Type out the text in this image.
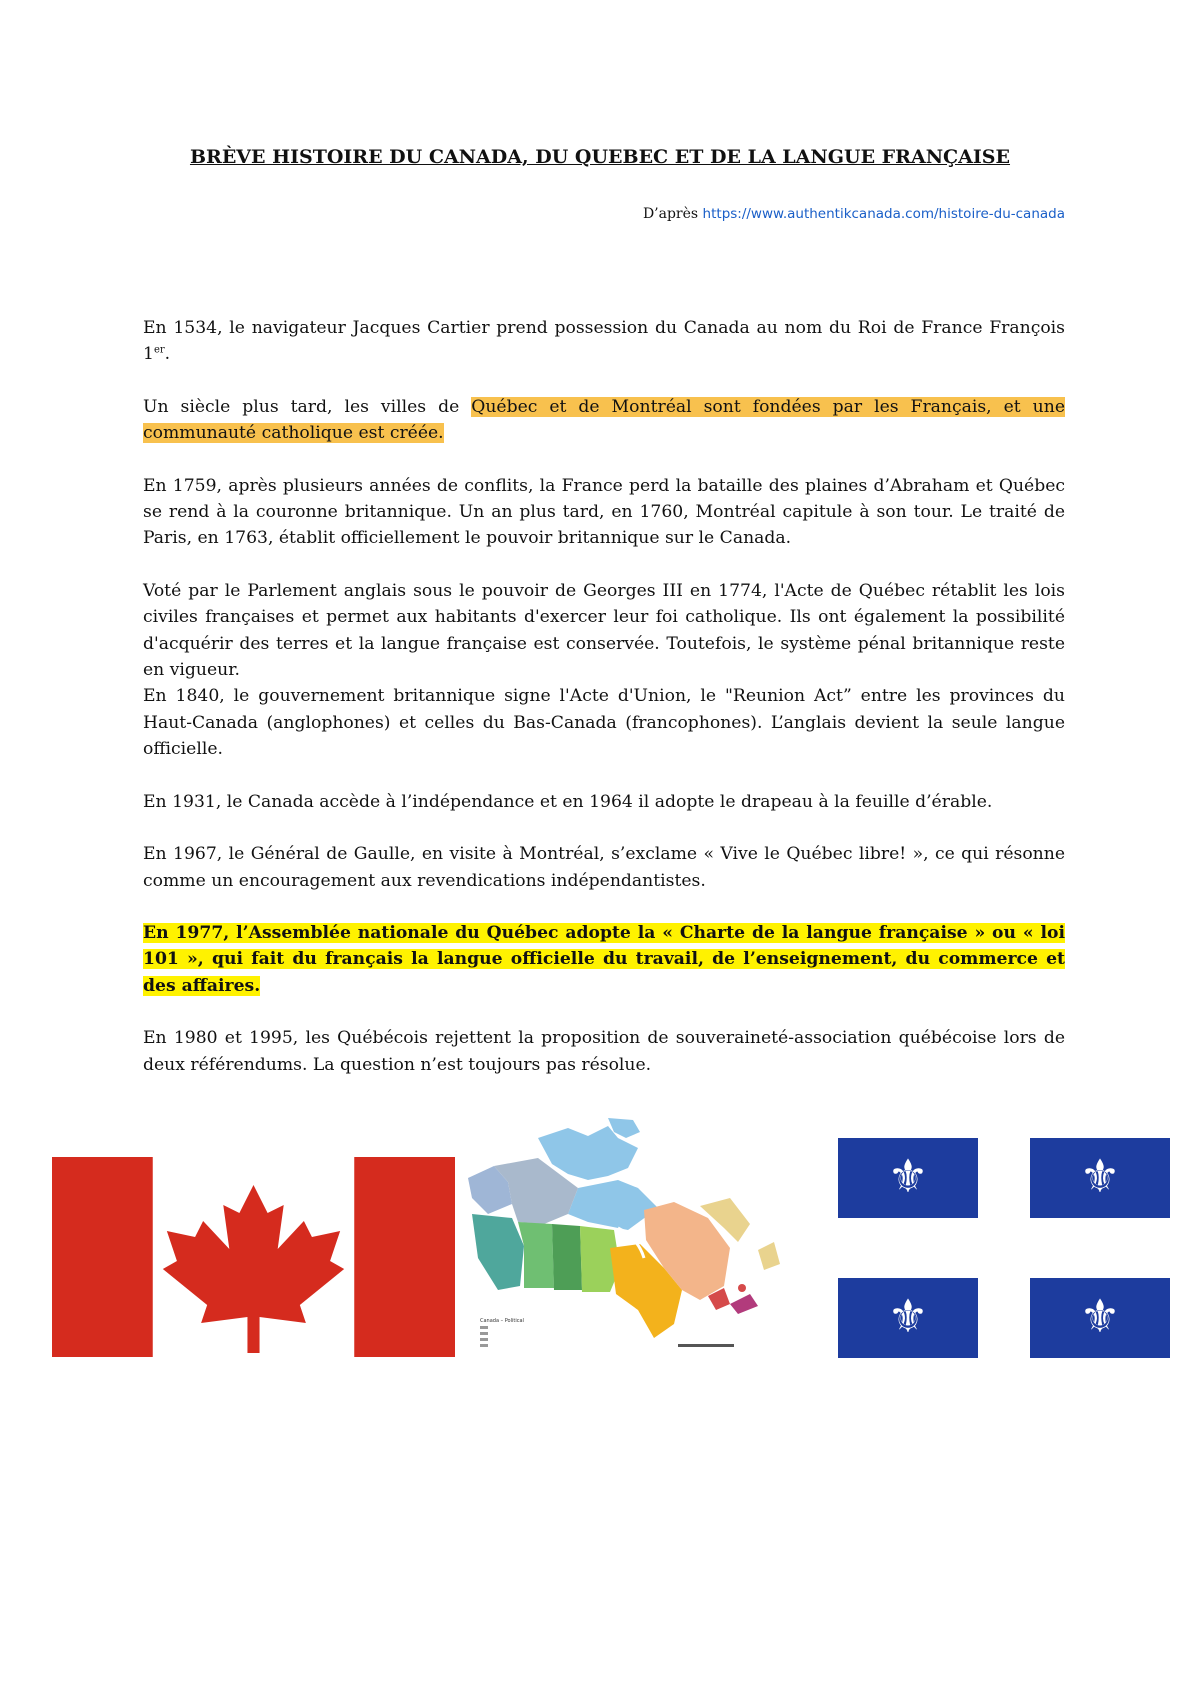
BRÈVE HISTOIRE DU CANADA, DU QUEBEC ET DE LA LANGUE FRANÇAISE
D’après https://www.authentikcanada.com/histoire-du-canada

En 1534, le navigateur Jacques Cartier prend possession du Canada au nom du Roi de France François 1er.

Un siècle plus tard, les villes de Québec et de Montréal sont fondées par les Français, et une communauté catholique est créée.

En 1759, après plusieurs années de conflits, la France perd la bataille des plaines d’Abraham et Québec se rend à la couronne britannique. Un an plus tard, en 1760, Montréal capitule à son tour. Le traité de Paris, en 1763, établit officiellement le pouvoir britannique sur le Canada.

Voté par le Parlement anglais sous le pouvoir de Georges III en 1774, l'Acte de Québec rétablit les lois civiles françaises et permet aux habitants d'exercer leur foi catholique. Ils ont également la possibilité d'acquérir des terres et la langue française est conservée. Toutefois, le système pénal britannique reste en vigueur.

En 1840, le gouvernement britannique signe l'Acte d'Union, le "Reunion Act” entre les provinces du Haut-Canada (anglophones) et celles du Bas-Canada (francophones). L’anglais devient la seule langue officielle.

En 1931, le Canada accède à l’indépendance et en 1964 il adopte le drapeau à la feuille d’érable.

En 1967, le Général de Gaulle, en visite à Montréal, s’exclame « Vive le Québec libre! », ce qui résonne comme un encouragement aux revendications indépendantistes.

En 1977, l’Assemblée nationale du Québec adopte la « Charte de la langue française » ou « loi 101 », qui fait du français la langue officielle du travail, de l’enseignement, du commerce et des affaires.

En 1980 et 1995, les Québécois rejettent la proposition de souveraineté-association québécoise lors de deux référendums. La question n’est toujours pas résolue.

Canada – Political
⚜	⚜
⚜	⚜
